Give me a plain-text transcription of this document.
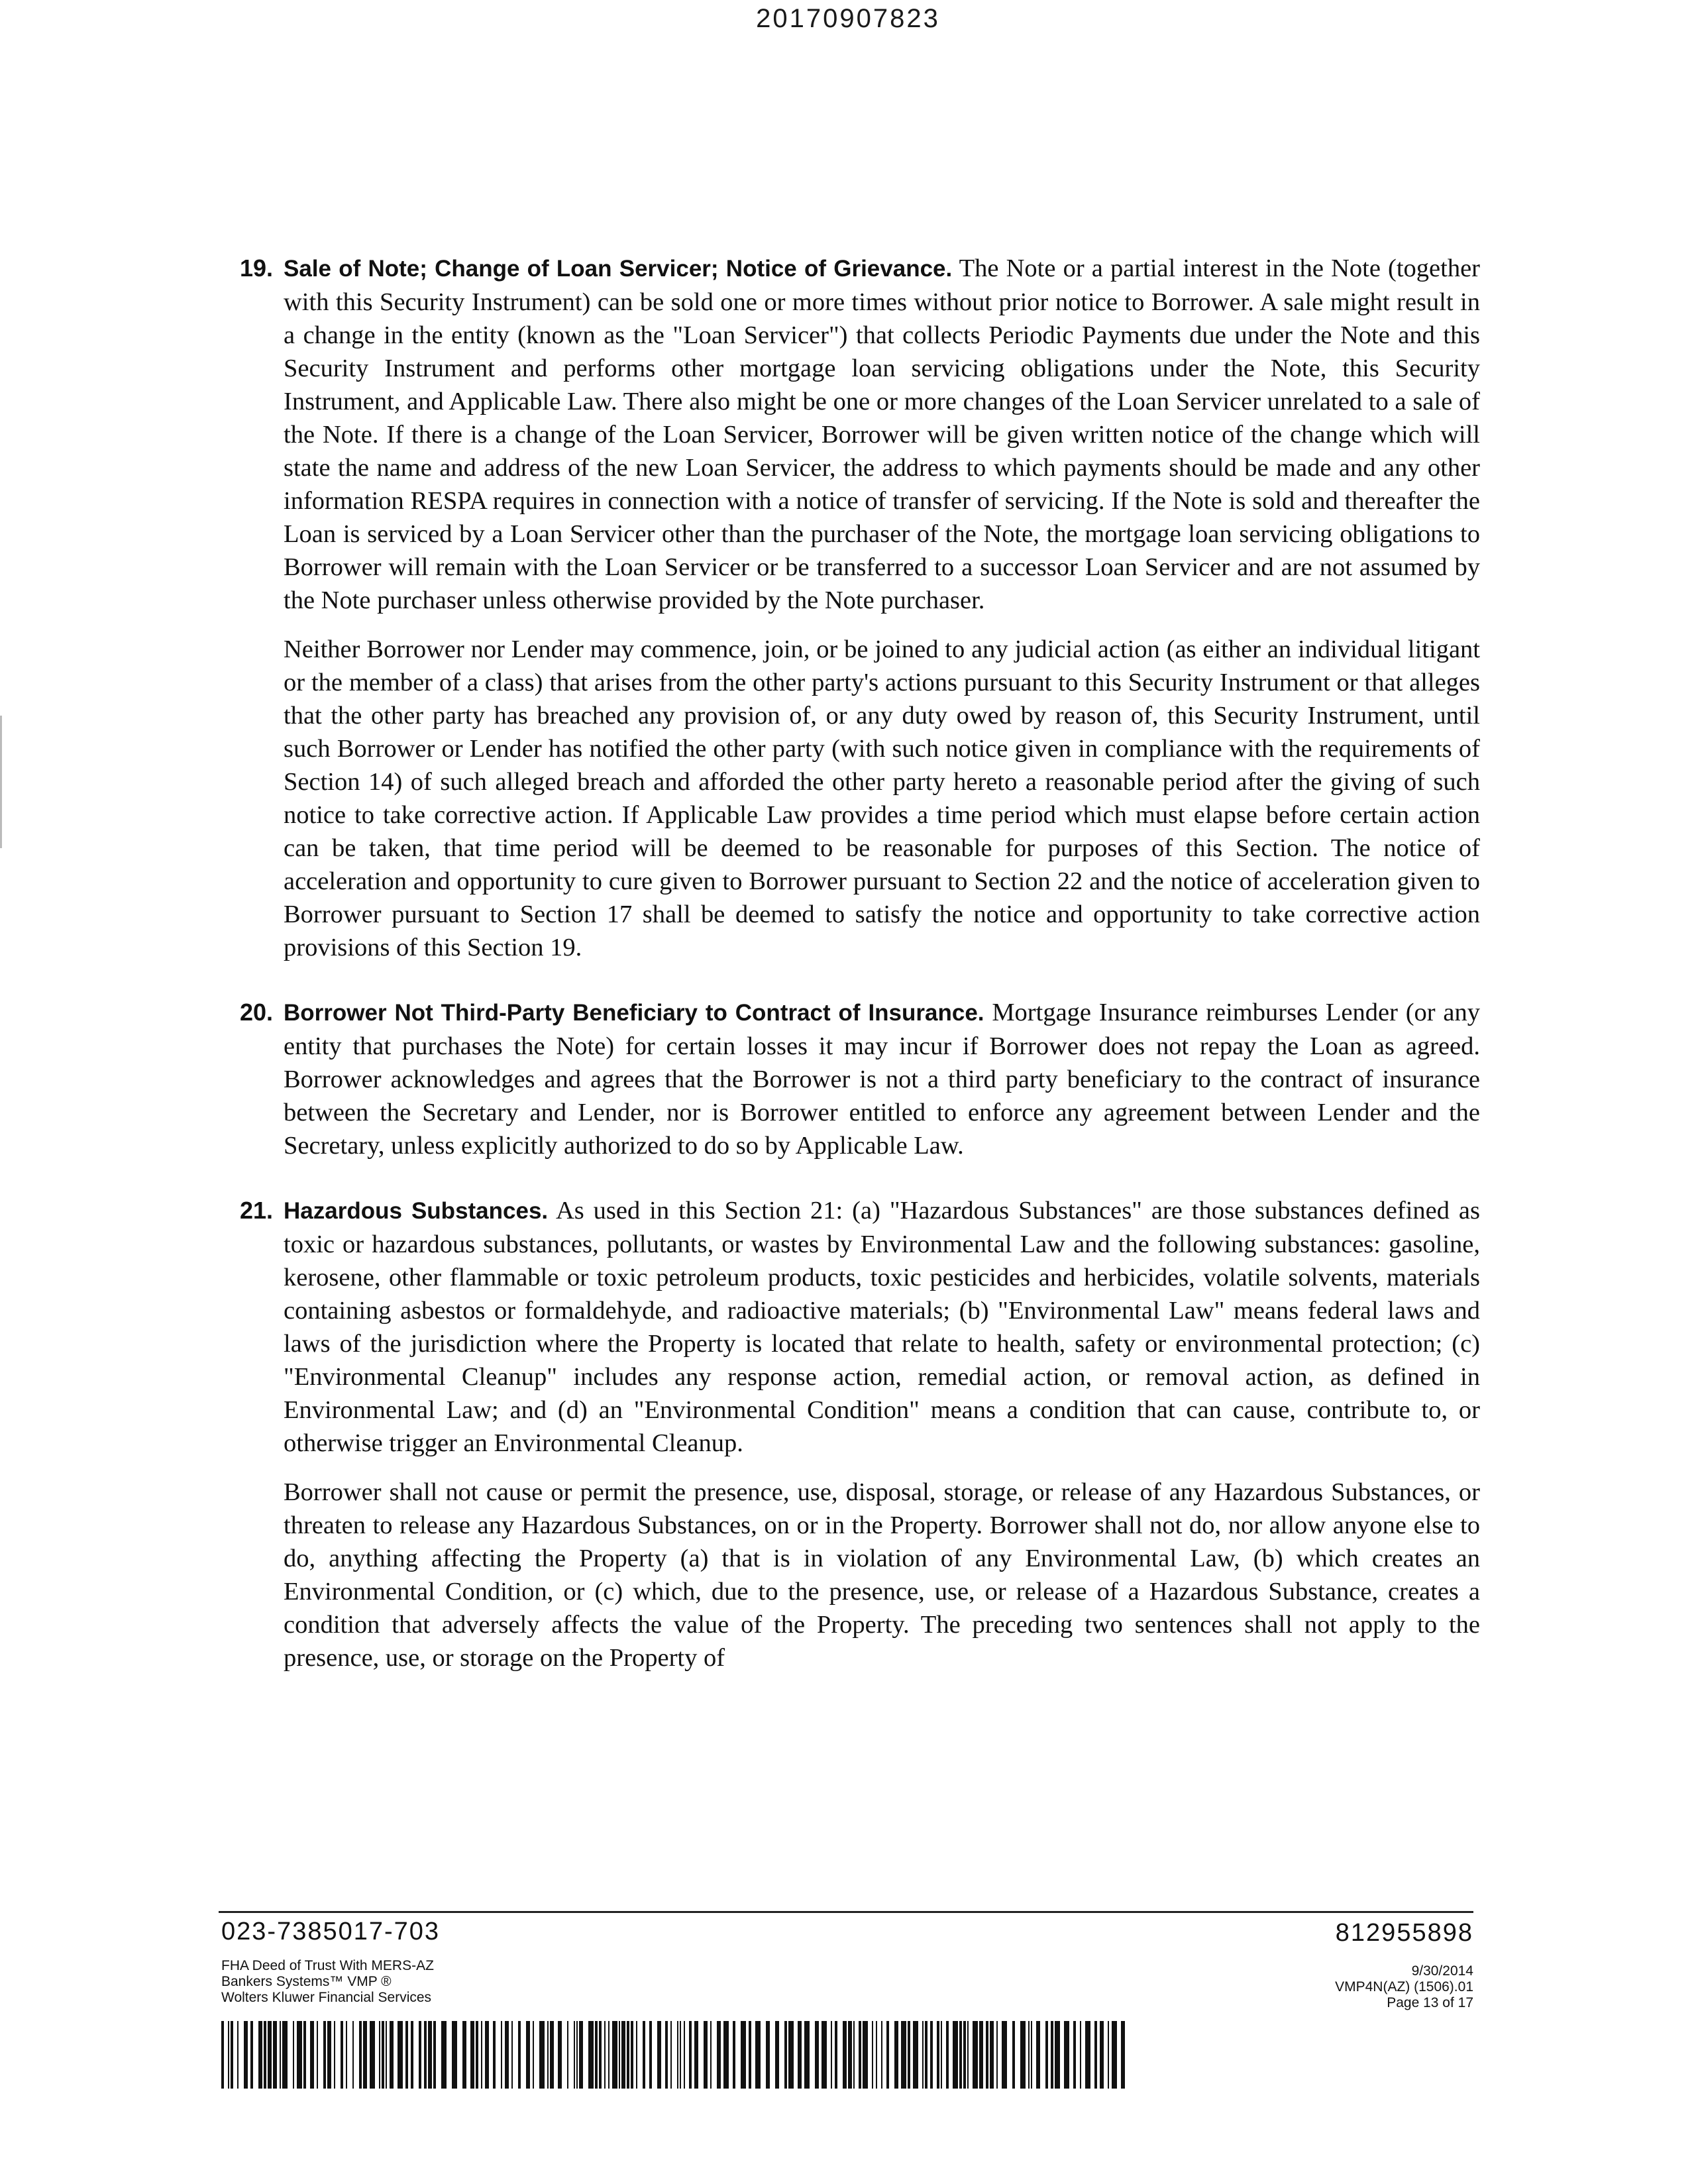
20170907823
19. Sale of Note; Change of Loan Servicer; Notice of Grievance. The Note or a partial interest in the Note (together with this Security Instrument) can be sold one or more times without prior notice to Borrower. A sale might result in a change in the entity (known as the "Loan Servicer") that collects Periodic Payments due under the Note and this Security Instrument and performs other mortgage loan servicing obligations under the Note, this Security Instrument, and Applicable Law. There also might be one or more changes of the Loan Servicer unrelated to a sale of the Note. If there is a change of the Loan Servicer, Borrower will be given written notice of the change which will state the name and address of the new Loan Servicer, the address to which payments should be made and any other information RESPA requires in connection with a notice of transfer of servicing. If the Note is sold and thereafter the Loan is serviced by a Loan Servicer other than the purchaser of the Note, the mortgage loan servicing obligations to Borrower will remain with the Loan Servicer or be transferred to a successor Loan Servicer and are not assumed by the Note purchaser unless otherwise provided by the Note purchaser.

Neither Borrower nor Lender may commence, join, or be joined to any judicial action (as either an individual litigant or the member of a class) that arises from the other party's actions pursuant to this Security Instrument or that alleges that the other party has breached any provision of, or any duty owed by reason of, this Security Instrument, until such Borrower or Lender has notified the other party (with such notice given in compliance with the requirements of Section 14) of such alleged breach and afforded the other party hereto a reasonable period after the giving of such notice to take corrective action. If Applicable Law provides a time period which must elapse before certain action can be taken, that time period will be deemed to be reasonable for purposes of this Section. The notice of acceleration and opportunity to cure given to Borrower pursuant to Section 22 and the notice of acceleration given to Borrower pursuant to Section 17 shall be deemed to satisfy the notice and opportunity to take corrective action provisions of this Section 19.

20. Borrower Not Third-Party Beneficiary to Contract of Insurance. Mortgage Insurance reimburses Lender (or any entity that purchases the Note) for certain losses it may incur if Borrower does not repay the Loan as agreed. Borrower acknowledges and agrees that the Borrower is not a third party beneficiary to the contract of insurance between the Secretary and Lender, nor is Borrower entitled to enforce any agreement between Lender and the Secretary, unless explicitly authorized to do so by Applicable Law.

21. Hazardous Substances. As used in this Section 21: (a) "Hazardous Substances" are those substances defined as toxic or hazardous substances, pollutants, or wastes by Environmental Law and the following substances: gasoline, kerosene, other flammable or toxic petroleum products, toxic pesticides and herbicides, volatile solvents, materials containing asbestos or formaldehyde, and radioactive materials; (b) "Environmental Law" means federal laws and laws of the jurisdiction where the Property is located that relate to health, safety or environmental protection; (c) "Environmental Cleanup" includes any response action, remedial action, or removal action, as defined in Environmental Law; and (d) an "Environmental Condition" means a condition that can cause, contribute to, or otherwise trigger an Environmental Cleanup.

Borrower shall not cause or permit the presence, use, disposal, storage, or release of any Hazardous Substances, or threaten to release any Hazardous Substances, on or in the Property. Borrower shall not do, nor allow anyone else to do, anything affecting the Property (a) that is in violation of any Environmental Law, (b) which creates an Environmental Condition, or (c) which, due to the presence, use, or release of a Hazardous Substance, creates a condition that adversely affects the value of the Property. The preceding two sentences shall not apply to the presence, use, or storage on the Property of

023-7385017-703	812955898
FHA Deed of Trust With MERS-AZ
Bankers Systems™ VMP ®
Wolters Kluwer Financial Services
9/30/2014
VMP4N(AZ) (1506).01
Page 13 of 17
